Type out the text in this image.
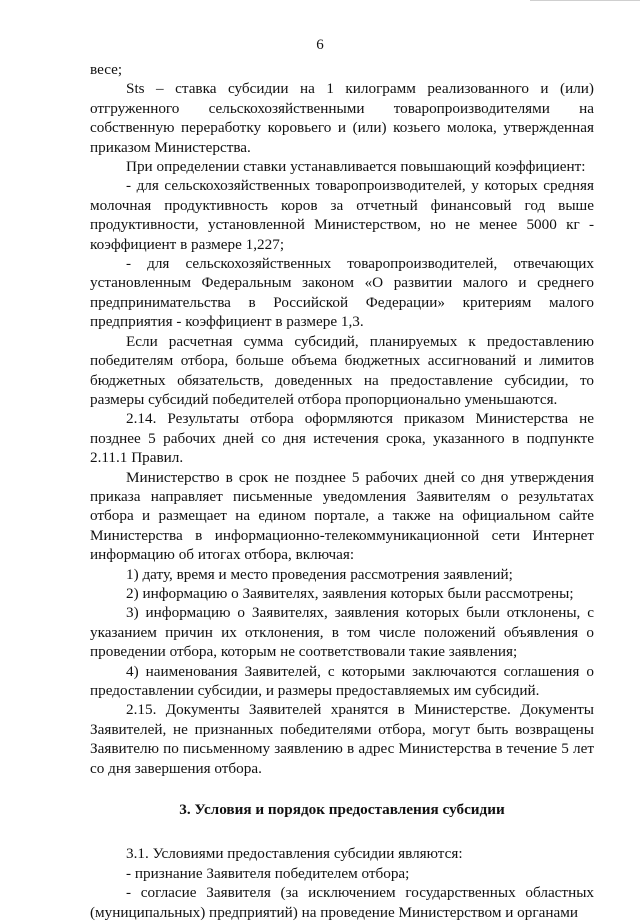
6

весе;

Sts – ставка субсидии на 1 килограмм реализованного и (или) отгруженного сельскохозяйственными товаропроизводителями на собственную переработку коровьего и (или) козьего молока, утвержденная приказом Министерства.

При определении ставки устанавливается повышающий коэффициент:

- для сельскохозяйственных товаропроизводителей, у которых средняя молочная продуктивность коров за отчетный финансовый год выше продуктивности, установленной Министерством, но не менее 5000 кг - коэффициент в размере 1,227;

- для сельскохозяйственных товаропроизводителей, отвечающих установленным Федеральным законом «О развитии малого и среднего предпринимательства в Российской Федерации» критериям малого предприятия - коэффициент в размере 1,3.

Если расчетная сумма субсидий, планируемых к предоставлению победителям отбора, больше объема бюджетных ассигнований и лимитов бюджетных обязательств, доведенных на предоставление субсидии, то размеры субсидий победителей отбора пропорционально уменьшаются.

2.14. Результаты отбора оформляются приказом Министерства не позднее 5 рабочих дней со дня истечения срока, указанного в подпункте 2.11.1 Правил.

Министерство в срок не позднее 5 рабочих дней со дня утверждения приказа направляет письменные уведомления Заявителям о результатах отбора и размещает на едином портале, а также на официальном сайте Министерства в информационно-телекоммуникационной сети Интернет информацию об итогах отбора, включая:

1) дату, время и место проведения рассмотрения заявлений;

2) информацию о Заявителях, заявления которых были рассмотрены;

3) информацию о Заявителях, заявления которых были отклонены, с указанием причин их отклонения, в том числе положений объявления о проведении отбора, которым не соответствовали такие заявления;

4) наименования Заявителей, с которыми заключаются соглашения о предоставлении субсидии, и размеры предоставляемых им субсидий.

2.15. Документы Заявителей хранятся в Министерстве. Документы Заявителей, не признанных победителями отбора, могут быть возвращены Заявителю по письменному заявлению в адрес Министерства в течение 5 лет со дня завершения отбора.

3. Условия и порядок предоставления субсидии

3.1. Условиями предоставления субсидии являются:

- признание Заявителя победителем отбора;

- согласие Заявителя (за исключением государственных областных (муниципальных) предприятий) на проведение Министерством и органами
